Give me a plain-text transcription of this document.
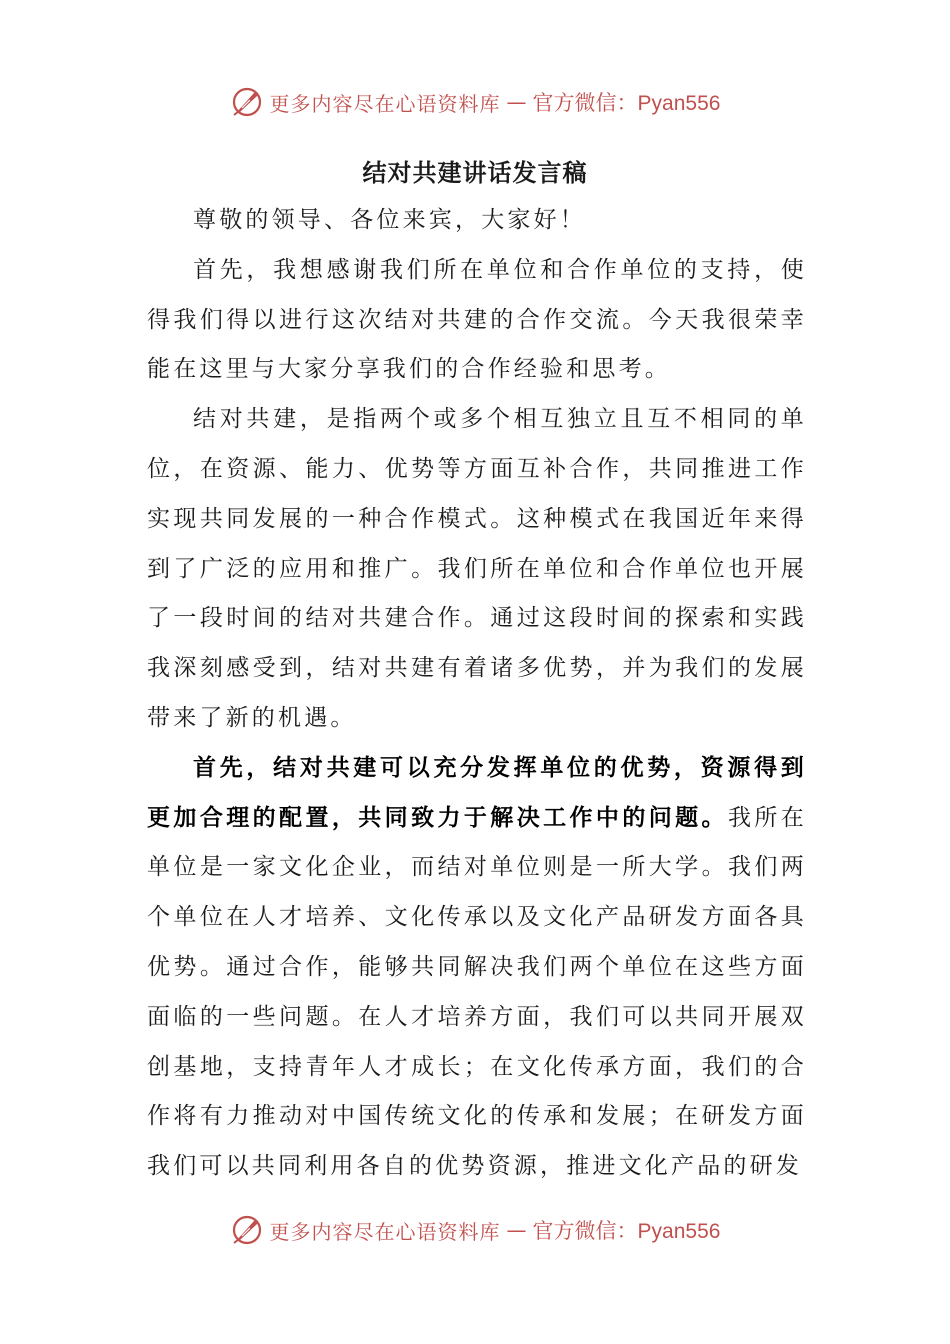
更多内容尽在心语资料库 — 官方微信：Pyan556
结对共建讲话发言稿

尊敬的领导、各位来宾，大家好！

首先，我想感谢我们所在单位和合作单位的支持，使得我们得以进行这次结对共建的合作交流。今天我很荣幸能在这里与大家分享我们的合作经验和思考。

结对共建，是指两个或多个相互独立且互不相同的单位，在资源、能力、优势等方面互补合作，共同推进工作实现共同发展的一种合作模式。这种模式在我国近年来得到了广泛的应用和推广。我们所在单位和合作单位也开展了一段时间的结对共建合作。通过这段时间的探索和实践我深刻感受到，结对共建有着诸多优势，并为我们的发展带来了新的机遇。

首先，结对共建可以充分发挥单位的优势，资源得到更加合理的配置，共同致力于解决工作中的问题。我所在单位是一家文化企业，而结对单位则是一所大学。我们两个单位在人才培养、文化传承以及文化产品研发方面各具优势。通过合作，能够共同解决我们两个单位在这些方面面临的一些问题。在人才培养方面，我们可以共同开展双创基地，支持青年人才成长；在文化传承方面，我们的合作将有力推动对中国传统文化的传承和发展；在研发方面我们可以共同利用各自的优势资源，推进文化产品的研发

更多内容尽在心语资料库 — 官方微信：Pyan556
